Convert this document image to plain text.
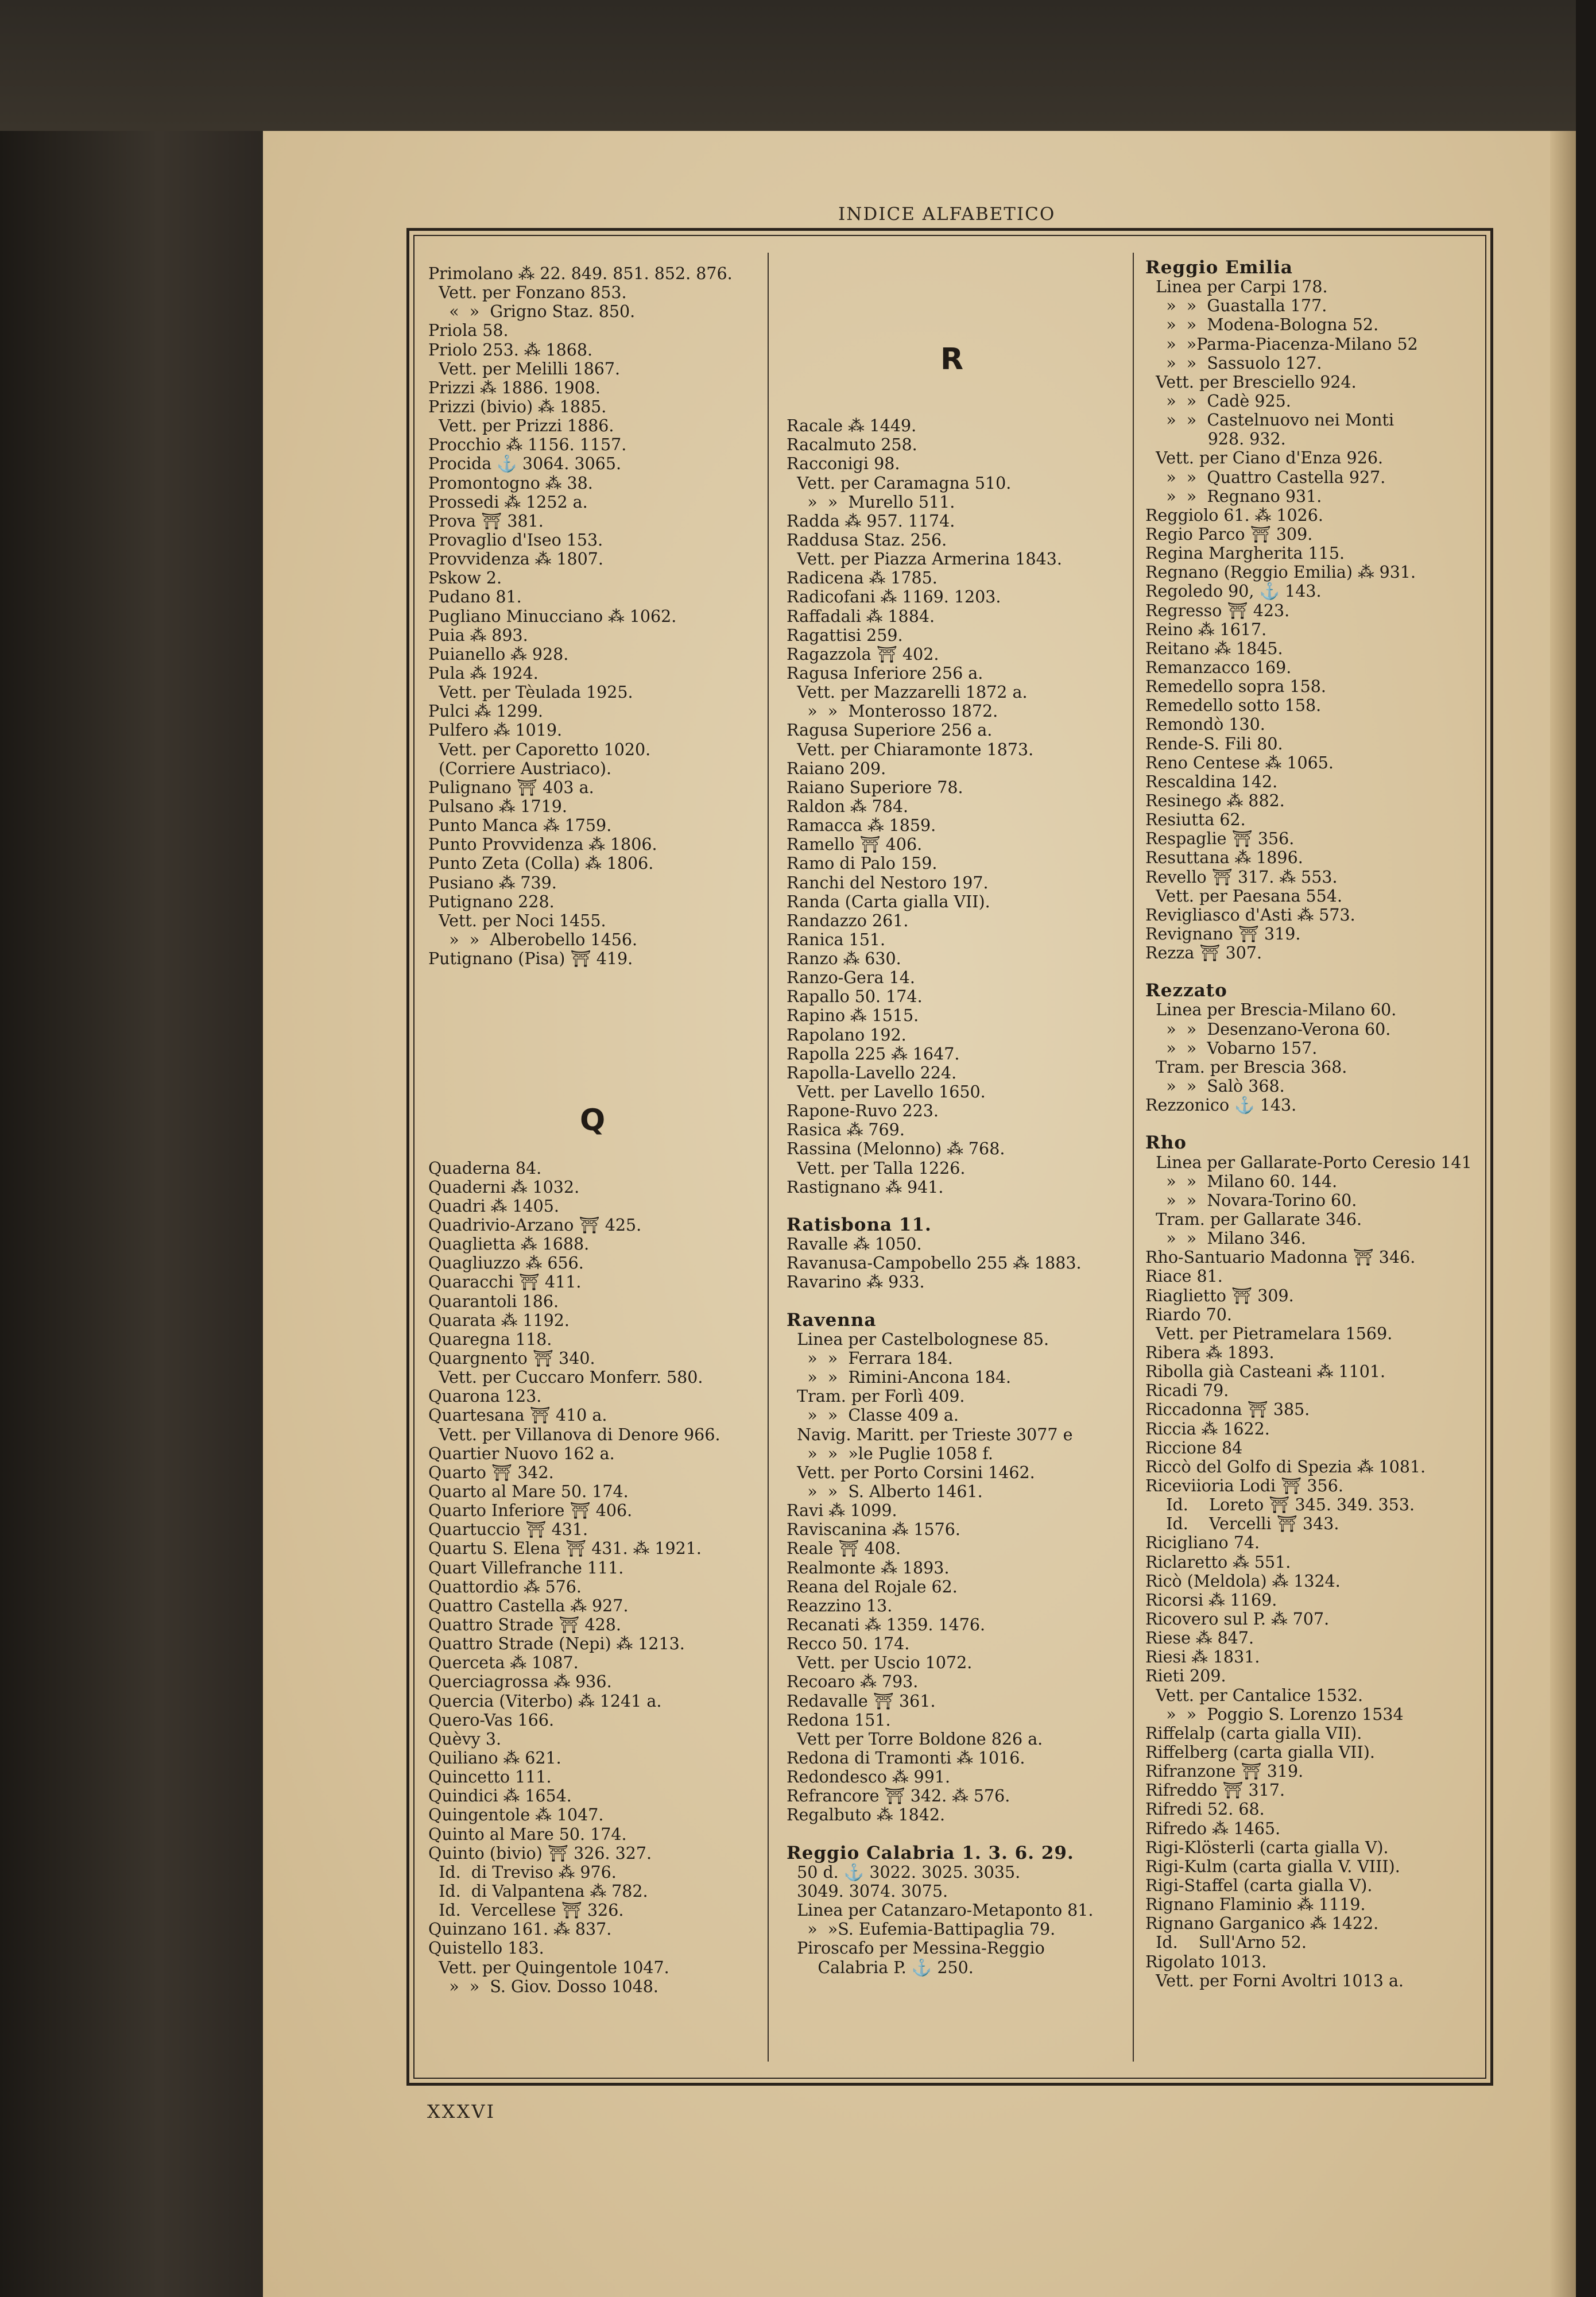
INDICE ALFABETICO
Primolano ⁂ 22. 849. 851. 852. 876.
Vett. per Fonzano 853.
«  »  Grigno Staz. 850.
Priola 58.
Priolo 253. ⁂ 1868.
Vett. per Melilli 1867.
Prizzi ⁂ 1886. 1908.
Prizzi (bivio) ⁂ 1885.
Vett. per Prizzi 1886.
Procchio ⁂ 1156. 1157.
Procida ⚓ 3064. 3065.
Promontogno ⁂ 38.
Prossedi ⁂ 1252 a.
Prova ⛩ 381.
Provaglio d'Iseo 153.
Provvidenza ⁂ 1807.
Pskow 2.
Pudano 81.
Pugliano Minucciano ⁂ 1062.
Puia ⁂ 893.
Puianello ⁂ 928.
Pula ⁂ 1924.
Vett. per Tèulada 1925.
Pulci ⁂ 1299.
Pulfero ⁂ 1019.
Vett. per Caporetto 1020.
(Corriere Austriaco).
Pulignano ⛩ 403 a.
Pulsano ⁂ 1719.
Punto Manca ⁂ 1759.
Punto Provvidenza ⁂ 1806.
Punto Zeta (Colla) ⁂ 1806.
Pusiano ⁂ 739.
Putignano 228.
Vett. per Noci 1455.
»  »  Alberobello 1456.
Putignano (Pisa) ⛩ 419.
Q
Quaderna 84.
Quaderni ⁂ 1032.
Quadri ⁂ 1405.
Quadrivio-Arzano ⛩ 425.
Quaglietta ⁂ 1688.
Quagliuzzo ⁂ 656.
Quaracchi ⛩ 411.
Quarantoli 186.
Quarata ⁂ 1192.
Quaregna 118.
Quargnento ⛩ 340.
Vett. per Cuccaro Monferr. 580.
Quarona 123.
Quartesana ⛩ 410 a.
Vett. per Villanova di Denore 966.
Quartier Nuovo 162 a.
Quarto ⛩ 342.
Quarto al Mare 50. 174.
Quarto Inferiore ⛩ 406.
Quartuccio ⛩ 431.
Quartu S. Elena ⛩ 431. ⁂ 1921.
Quart Villefranche 111.
Quattordio ⁂ 576.
Quattro Castella ⁂ 927.
Quattro Strade ⛩ 428.
Quattro Strade (Nepi) ⁂ 1213.
Querceta ⁂ 1087.
Querciagrossa ⁂ 936.
Quercia (Viterbo) ⁂ 1241 a.
Quero-Vas 166.
Quèvy 3.
Quiliano ⁂ 621.
Quincetto 111.
Quindici ⁂ 1654.
Quingentole ⁂ 1047.
Quinto al Mare 50. 174.
Quinto (bivio) ⛩ 326. 327.
Id.  di Treviso ⁂ 976.
Id.  di Valpantena ⁂ 782.
Id.  Vercellese ⛩ 326.
Quinzano 161. ⁂ 837.
Quistello 183.
Vett. per Quingentole 1047.
»  »  S. Giov. Dosso 1048.
R
Racale ⁂ 1449.
Racalmuto 258.
Racconigi 98.
Vett. per Caramagna 510.
»  »  Murello 511.
Radda ⁂ 957. 1174.
Raddusa Staz. 256.
Vett. per Piazza Armerina 1843.
Radicena ⁂ 1785.
Radicofani ⁂ 1169. 1203.
Raffadali ⁂ 1884.
Ragattisi 259.
Ragazzola ⛩ 402.
Ragusa Inferiore 256 a.
Vett. per Mazzarelli 1872 a.
»  »  Monterosso 1872.
Ragusa Superiore 256 a.
Vett. per Chiaramonte 1873.
Raiano 209.
Raiano Superiore 78.
Raldon ⁂ 784.
Ramacca ⁂ 1859.
Ramello ⛩ 406.
Ramo di Palo 159.
Ranchi del Nestoro 197.
Randa (Carta gialla VII).
Randazzo 261.
Ranica 151.
Ranzo ⁂ 630.
Ranzo-Gera 14.
Rapallo 50. 174.
Rapino ⁂ 1515.
Rapolano 192.
Rapolla 225 ⁂ 1647.
Rapolla-Lavello 224.
Vett. per Lavello 1650.
Rapone-Ruvo 223.
Rasica ⁂ 769.
Rassina (Melonno) ⁂ 768.
Vett. per Talla 1226.
Rastignano ⁂ 941.
Ratisbona 11.
Ravalle ⁂ 1050.
Ravanusa-Campobello 255 ⁂ 1883.
Ravarino ⁂ 933.
Ravenna
Linea per Castelbolognese 85.
»  »  Ferrara 184.
»  »  Rimini-Ancona 184.
Tram. per Forlì 409.
»  »  Classe 409 a.
Navig. Maritt. per Trieste 3077 e
»  »  »le Puglie 1058 f.
Vett. per Porto Corsini 1462.
»  »  S. Alberto 1461.
Ravi ⁂ 1099.
Raviscanina ⁂ 1576.
Reale ⛩ 408.
Realmonte ⁂ 1893.
Reana del Rojale 62.
Reazzino 13.
Recanati ⁂ 1359. 1476.
Recco 50. 174.
Vett. per Uscio 1072.
Recoaro ⁂ 793.
Redavalle ⛩ 361.
Redona 151.
Vett per Torre Boldone 826 a.
Redona di Tramonti ⁂ 1016.
Redondesco ⁂ 991.
Refrancore ⛩ 342. ⁂ 576.
Regalbuto ⁂ 1842.
Reggio Calabria 1. 3. 6. 29.
50 d. ⚓ 3022. 3025. 3035.
3049. 3074. 3075.
Linea per Catanzaro-Metaponto 81.
»  »S. Eufemia-Battipaglia 79.
Piroscafo per Messina-Reggio
Calabria P. ⚓ 250.
Reggio Emilia
Linea per Carpi 178.
»  »  Guastalla 177.
»  »  Modena-Bologna 52.
»  »Parma-Piacenza-Milano 52
»  »  Sassuolo 127.
Vett. per Bresciello 924.
»  »  Cadè 925.
»  »  Castelnuovo nei Monti
928. 932.
Vett. per Ciano d'Enza 926.
»  »  Quattro Castella 927.
»  »  Regnano 931.
Reggiolo 61. ⁂ 1026.
Regio Parco ⛩ 309.
Regina Margherita 115.
Regnano (Reggio Emilia) ⁂ 931.
Regoledo 90, ⚓ 143.
Regresso ⛩ 423.
Reino ⁂ 1617.
Reitano ⁂ 1845.
Remanzacco 169.
Remedello sopra 158.
Remedello sotto 158.
Remondò 130.
Rende-S. Fili 80.
Reno Centese ⁂ 1065.
Rescaldina 142.
Resinego ⁂ 882.
Resiutta 62.
Respaglie ⛩ 356.
Resuttana ⁂ 1896.
Revello ⛩ 317. ⁂ 553.
Vett. per Paesana 554.
Revigliasco d'Asti ⁂ 573.
Revignano ⛩ 319.
Rezza ⛩ 307.
Rezzato
Linea per Brescia-Milano 60.
»  »  Desenzano-Verona 60.
»  »  Vobarno 157.
Tram. per Brescia 368.
»  »  Salò 368.
Rezzonico ⚓ 143.
Rho
Linea per Gallarate-Porto Ceresio 141
»  »  Milano 60. 144.
»  »  Novara-Torino 60.
Tram. per Gallarate 346.
»  »  Milano 346.
Rho-Santuario Madonna ⛩ 346.
Riace 81.
Riaglietto ⛩ 309.
Riardo 70.
Vett. per Pietramelara 1569.
Ribera ⁂ 1893.
Ribolla già Casteani ⁂ 1101.
Ricadi 79.
Riccadonna ⛩ 385.
Riccia ⁂ 1622.
Riccione 84
Riccò del Golfo di Spezia ⁂ 1081.
Riceviioria Lodi ⛩ 356.
Id.    Loreto ⛩ 345. 349. 353.
Id.    Vercelli ⛩ 343.
Ricigliano 74.
Riclaretto ⁂ 551.
Ricò (Meldola) ⁂ 1324.
Ricorsi ⁂ 1169.
Ricovero sul P. ⁂ 707.
Riese ⁂ 847.
Riesi ⁂ 1831.
Rieti 209.
Vett. per Cantalice 1532.
»  »  Poggio S. Lorenzo 1534
Riffelalp (carta gialla VII).
Riffelberg (carta gialla VII).
Rifranzone ⛩ 319.
Rifreddo ⛩ 317.
Rifredi 52. 68.
Rifredo ⁂ 1465.
Rigi-Klösterli (carta gialla V).
Rigi-Kulm (carta gialla V. VIII).
Rigi-Staffel (carta gialla V).
Rignano Flaminio ⁂ 1119.
Rignano Garganico ⁂ 1422.
Id.    Sull'Arno 52.
Rigolato 1013.
Vett. per Forni Avoltri 1013 a.
XXXVI
